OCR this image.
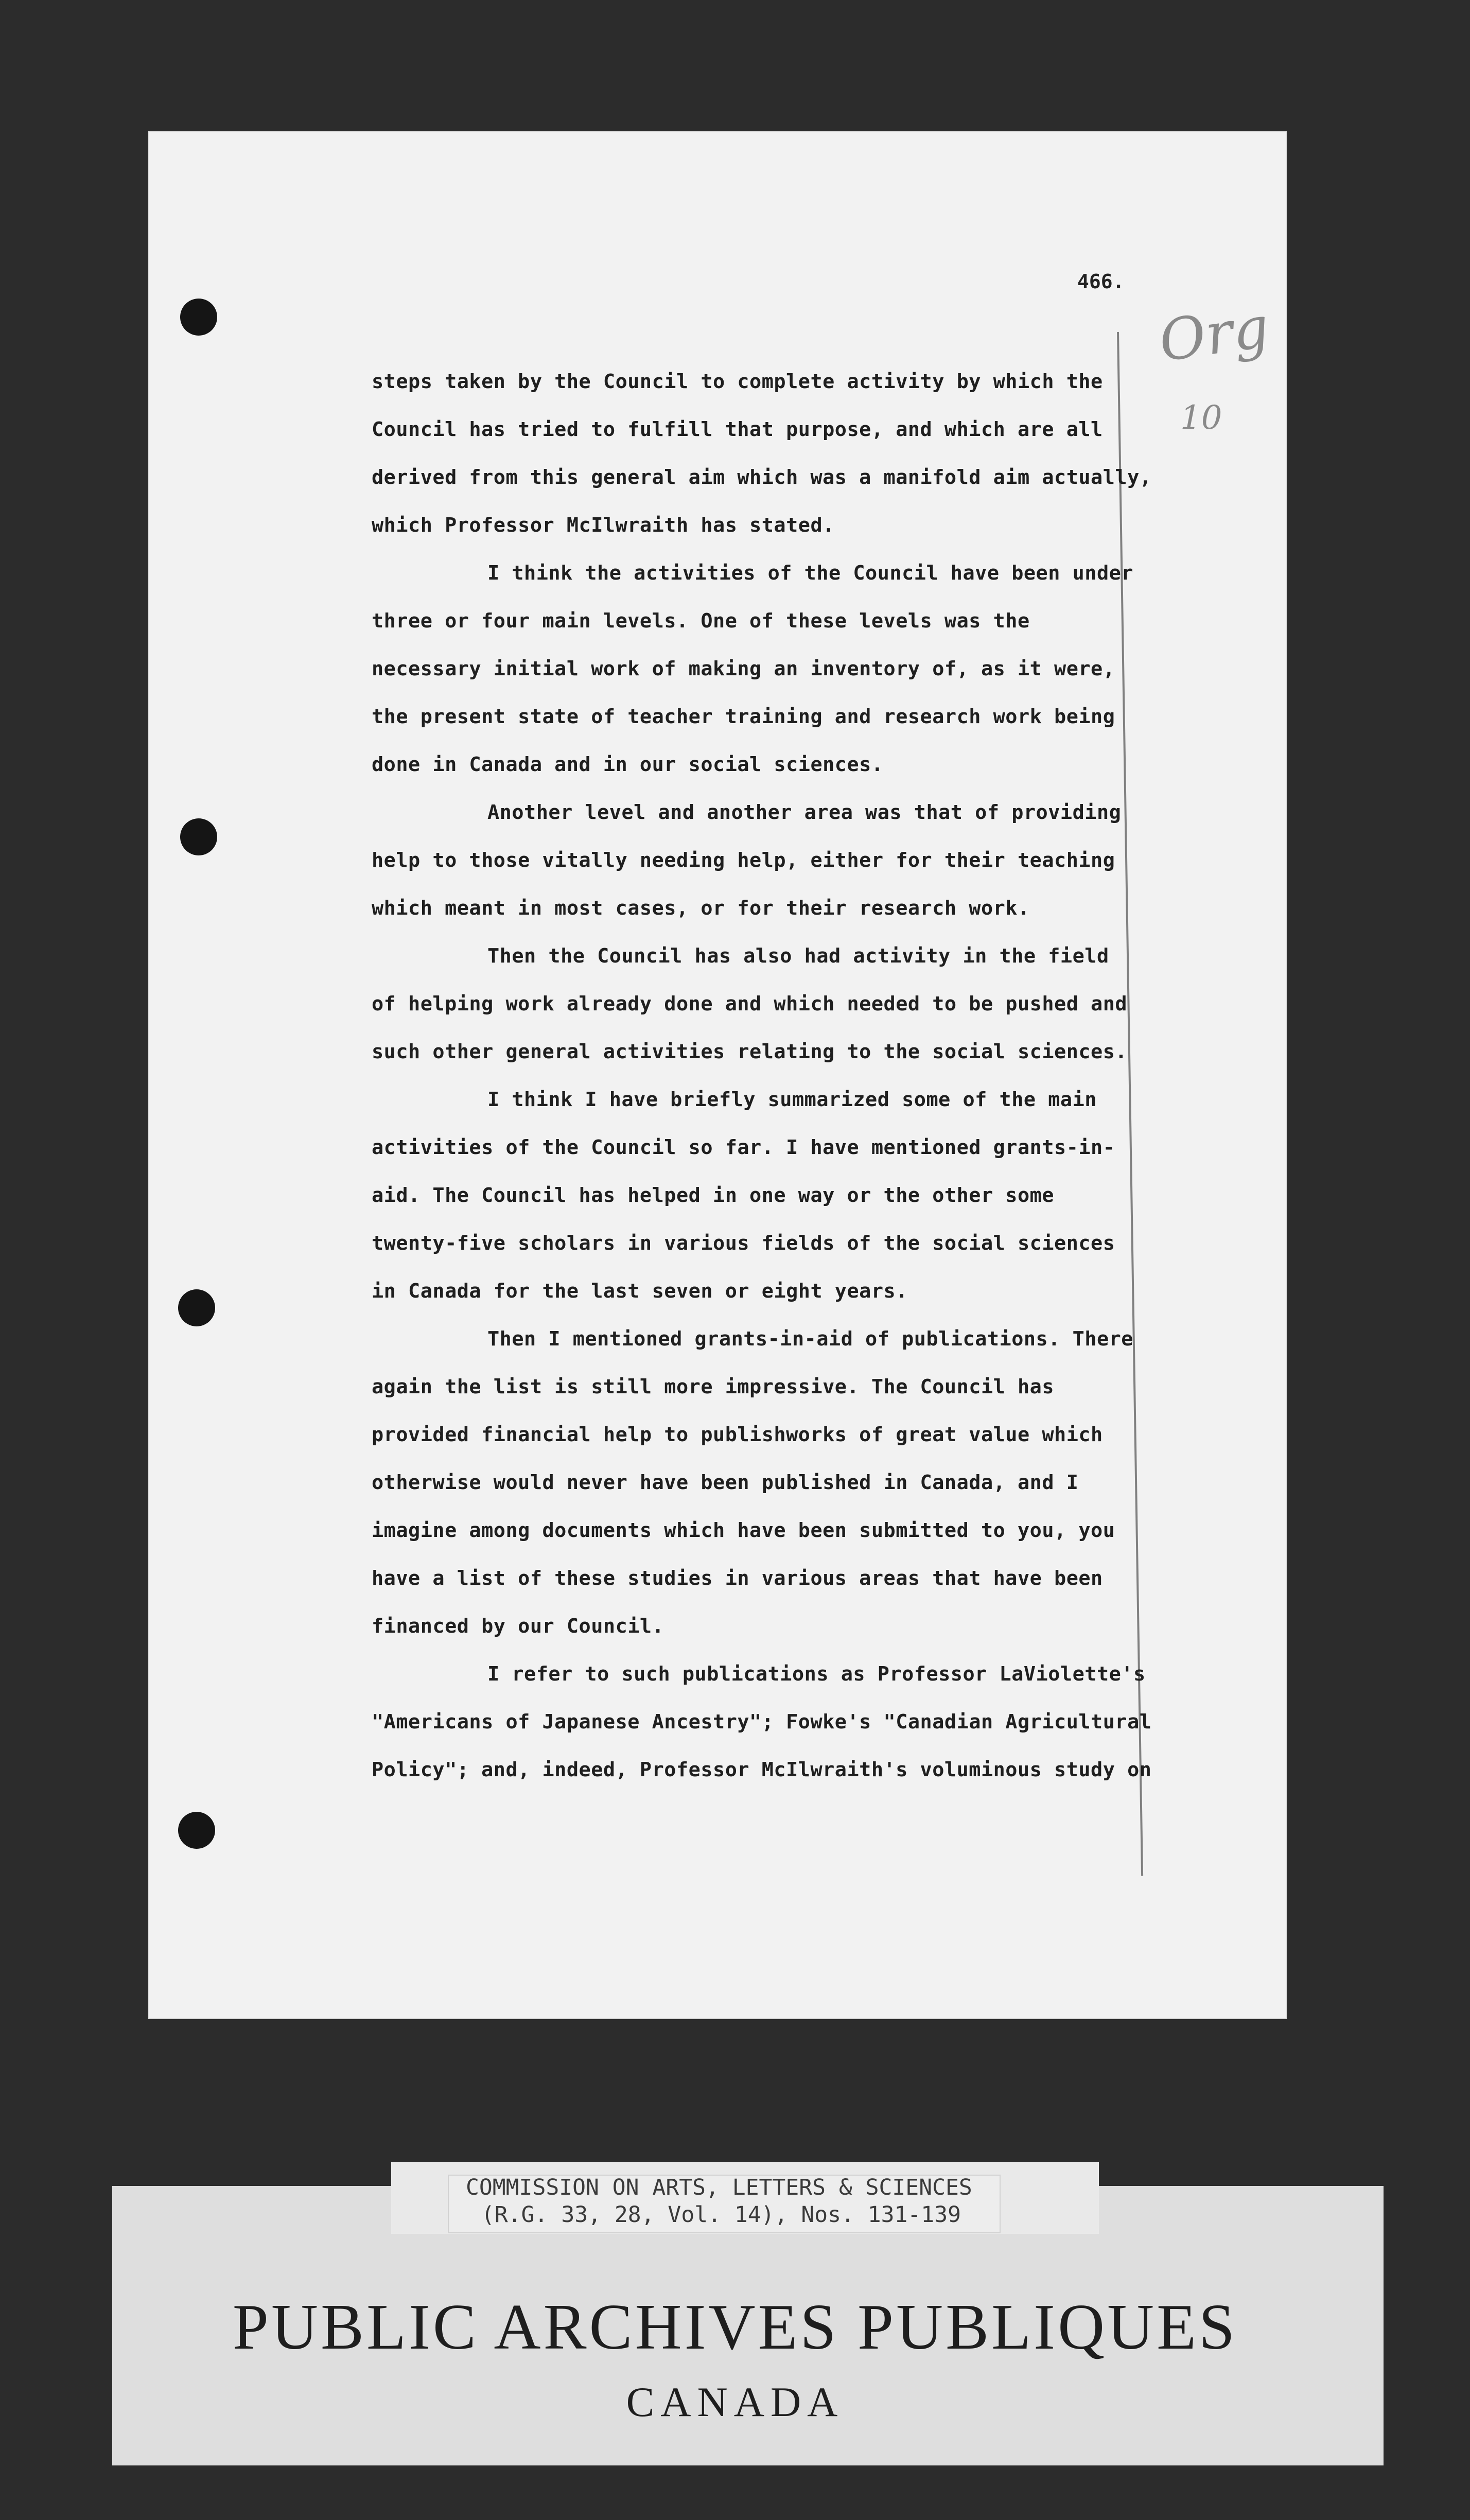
466.
Org
10

steps taken by the Council to complete activity by which the

Council has tried to fulfill that purpose, and which are all

derived from this general aim which was a manifold aim actually,

which Professor McIlwraith has stated.

I think the activities of the Council have been under

three or four main levels. One of these levels was the

necessary initial work of making an inventory of, as it were,

the present state of teacher training and research work being

done in Canada and in our social sciences.

Another level and another area was that of providing

help to those vitally needing help, either for their teaching

which meant in most cases, or for their research work.

Then the Council has also had activity in the field

of helping work already done and which needed to be pushed and

such other general activities relating to the social sciences.

I think I have briefly summarized some of the main

activities of the Council so far. I have mentioned grants-in-

aid. The Council has helped in one way or the other some

twenty-five scholars in various fields of the social sciences

in Canada for the last seven or eight years.

Then I mentioned grants-in-aid of publications. There

again the list is still more impressive. The Council has

provided financial help to publishworks of great value which

otherwise would never have been published in Canada, and I

imagine among documents which have been submitted to you, you

have a list of these studies in various areas that have been

financed by our Council.

I refer to such publications as Professor LaViolette's

"Americans of Japanese Ancestry"; Fowke's "Canadian Agricultural

Policy"; and, indeed, Professor McIlwraith's voluminous study on

COMMISSION ON ARTS, LETTERS & SCIENCES
(R.G. 33, 28, Vol. 14), Nos. 131-139
PUBLIC ARCHIVES PUBLIQUES
CANADA
